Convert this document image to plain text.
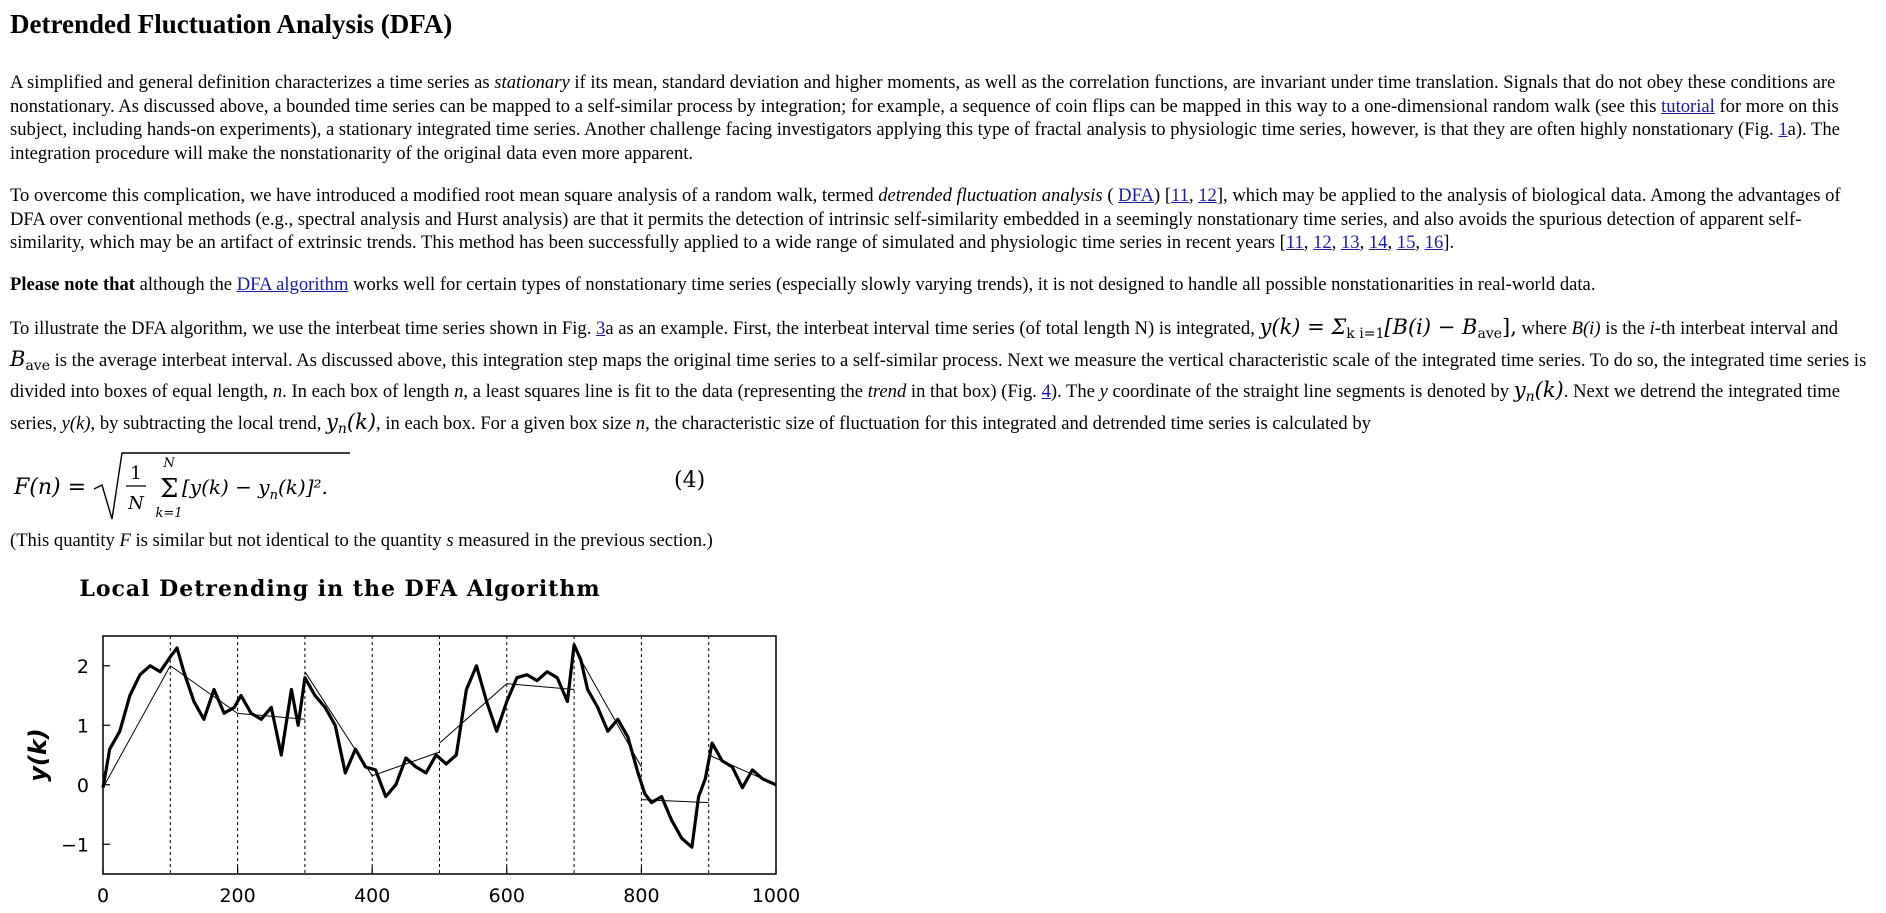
Detrended Fluctuation Analysis (DFA)

A simplified and general definition characterizes a time series as stationary if its mean, standard deviation and higher moments, as well as the correlation functions, are invariant under time translation. Signals that do not obey these conditions are nonstationary. As discussed above, a bounded time series can be mapped to a self-similar process by integration; for example, a sequence of coin flips can be mapped in this way to a one-dimensional random walk (see this tutorial for more on this subject, including hands-on experiments), a stationary integrated time series. Another challenge facing investigators applying this type of fractal analysis to physiologic time series, however, is that they are often highly nonstationary (Fig. 1a). The integration procedure will make the nonstationarity of the original data even more apparent.

To overcome this complication, we have introduced a modified root mean square analysis of a random walk, termed detrended fluctuation analysis ( DFA) [11, 12], which may be applied to the analysis of biological data. Among the advantages of DFA over conventional methods (e.g., spectral analysis and Hurst analysis) are that it permits the detection of intrinsic self-similarity embedded in a seemingly nonstationary time series, and also avoids the spurious detection of apparent self-similarity, which may be an artifact of extrinsic trends. This method has been successfully applied to a wide range of simulated and physiologic time series in recent years [11, 12, 13, 14, 15, 16].

Please note that although the DFA algorithm works well for certain types of nonstationary time series (especially slowly varying trends), it is not designed to handle all possible nonstationarities in real-world data.

To illustrate the DFA algorithm, we use the interbeat time series shown in Fig. 3a as an example. First, the interbeat interval time series (of total length N) is integrated, $y(k) = \Sigma_{k i=1}[B(i) - B_{ave}]$, where B(i) is the i-th interbeat interval and $B_{ave}$ is the average interbeat interval. As discussed above, this integration step maps the original time series to a self-similar process. Next we measure the vertical characteristic scale of the integrated time series. To do so, the integrated time series is divided into boxes of equal length, n. In each box of length n, a least squares line is fit to the data (representing the trend in that box) (Fig. 4). The y coordinate of the straight line segments is denoted by $y_n(k)$. Next we detrend the integrated time series, y(k), by subtracting the local trend, $y_n(k)$, in each box. For a given box size n, the characteristic size of fluctuation for this integrated and detrended time series is calculated by

F(n) =
1
N
N
Σ
k=1
$[y(k) - y_n(k)]^2$.	(4)

(This quantity F is similar but not identical to the quantity s measured in the previous section.)

Local Detrending in the DFA Algorithm
y(k)
−1
0
1
2
0	200	400	600	800	1000
